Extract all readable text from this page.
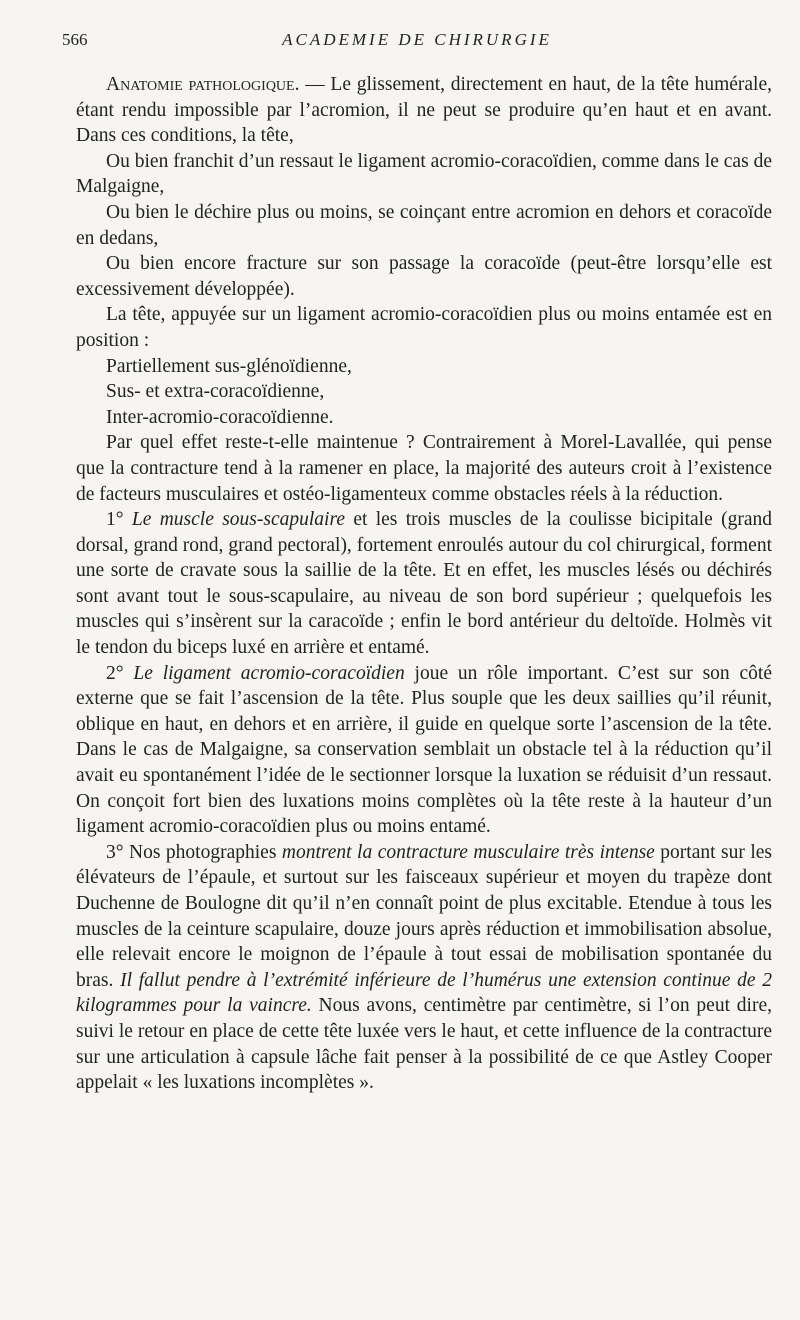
566	ACADEMIE DE CHIRURGIE

Anatomie pathologique. — Le glissement, directement en haut, de la tête humérale, étant rendu impossible par l’acromion, il ne peut se produire qu’en haut et en avant. Dans ces conditions, la tête,

Ou bien franchit d’un ressaut le ligament acromio-coracoïdien, comme dans le cas de Malgaigne,

Ou bien le déchire plus ou moins, se coinçant entre acromion en dehors et coracoïde en dedans,

Ou bien encore fracture sur son passage la coracoïde (peut-être lorsqu’elle est excessivement développée).

La tête, appuyée sur un ligament acromio-coracoïdien plus ou moins entamée est en position :

Partiellement sus-glénoïdienne,

Sus- et extra-coracoïdienne,

Inter-acromio-coracoïdienne.

Par quel effet reste-t-elle maintenue ? Contrairement à Morel-Lavallée, qui pense que la contracture tend à la ramener en place, la majorité des auteurs croit à l’existence de facteurs musculaires et ostéo-ligamenteux comme obstacles réels à la réduction.

1° Le muscle sous-scapulaire et les trois muscles de la coulisse bicipitale (grand dorsal, grand rond, grand pectoral), fortement enroulés autour du col chirurgical, forment une sorte de cravate sous la saillie de la tête. Et en effet, les muscles lésés ou déchirés sont avant tout le sous-scapulaire, au niveau de son bord supérieur ; quelquefois les muscles qui s’insèrent sur la caracoïde ; enfin le bord antérieur du deltoïde. Holmès vit le tendon du biceps luxé en arrière et entamé.

2° Le ligament acromio-coracoïdien joue un rôle important. C’est sur son côté externe que se fait l’ascension de la tête. Plus souple que les deux saillies qu’il réunit, oblique en haut, en dehors et en arrière, il guide en quelque sorte l’ascension de la tête. Dans le cas de Malgaigne, sa conservation semblait un obstacle tel à la réduction qu’il avait eu spontanément l’idée de le sectionner lorsque la luxation se réduisit d’un ressaut. On conçoit fort bien des luxations moins complètes où la tête reste à la hauteur d’un ligament acromio-coracoïdien plus ou moins entamé.

3° Nos photographies montrent la contracture musculaire très intense portant sur les élévateurs de l’épaule, et surtout sur les faisceaux supérieur et moyen du trapèze dont Duchenne de Boulogne dit qu’il n’en connaît point de plus excitable. Etendue à tous les muscles de la ceinture scapulaire, douze jours après réduction et immobilisation absolue, elle relevait encore le moignon de l’épaule à tout essai de mobilisation spontanée du bras. Il fallut pendre à l’extrémité inférieure de l’humérus une extension continue de 2 kilogrammes pour la vaincre. Nous avons, centimètre par centimètre, si l’on peut dire, suivi le retour en place de cette tête luxée vers le haut, et cette influence de la contracture sur une articulation à capsule lâche fait penser à la possibilité de ce que Astley Cooper appelait « les luxations incomplètes ».
